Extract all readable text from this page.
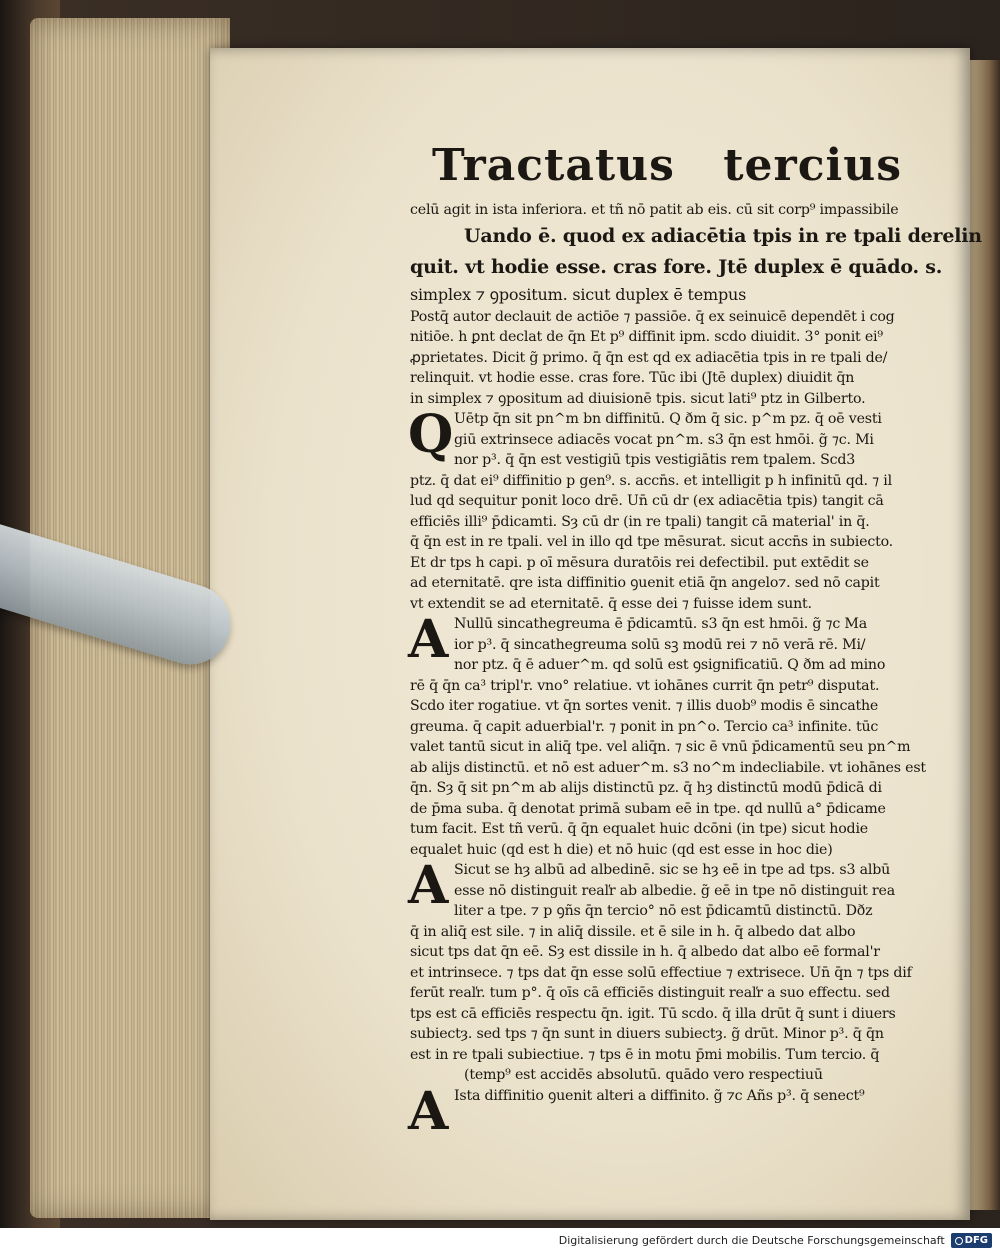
Tractatus tercius
celū agit in ista inferiora. et tñ nō patit ab eis. cū sit corp⁹ impassibile
Uando ē. quod ex adiacētia tpis in re tpali derelin
quit. vt hodie esse. cras fore. Jtē duplex ē quādo. s.
simplex ⁊ ꝯpositum. sicut duplex ē tempus
Postq̄ autor declauit de actiōe ⁊ passiōe. q̄ ex seinuicē dependēt i cog
nitiōe. h ꝑnt declat de q̄n Et p⁹ diffinit ipm. scdo diuidit. 3° ponit ei⁹
ꝓprietates. Dicit g̃ primo. q̄ q̄n est qd ex adiacētia tpis in re tpali de/
relinquit. vt hodie esse. cras fore. Tūc ibi (Jtē duplex) diuidit q̄n
in simplex ⁊ ꝯpositum ad diuisionē tpis. sicut lati⁹ ptz in Gilberto.
Q Uētp q̄n sit pn^m bn diffinitū. Q ðm q̄ sic. p^m pz. q̄ oē vesti
giū extrinsece adiacēs vocat pn^m. s3 q̄n est hmōi. g̃ ⁊c. Mi
nor p³. q̄ q̄n est vestigiū tpis vestigiātis rem tpalem. Scd3
ptz. q̄ dat ei⁹ diffinitio p gen⁹. s. accn̄s. et intelligit p h infinitū qd. ⁊ il
lud qd sequitur ponit loco drē. Un̄ cū dr (ex adiacētia tpis) tangit cā
efficiēs illi⁹ p̄dicamti. Sȝ cū dr (in re tpali) tangit cā material' in q̄.
q̄ q̄n est in re tpali. vel in illo qd tpe mēsurat. sicut accn̄s in subiecto.
Et dr tps h capi. p oī mēsura duratōis rei defectibil. put extēdit se
ad eternitatē. qre ista diffinitio ꝯuenit etiā q̄n angelo⁊. sed nō capit
vt extendit se ad eternitatē. q̄ esse dei ⁊ fuisse idem sunt.
A Nullū sincathegreuma ē p̄dicamtū. s3 q̄n est hmōi. g̃ ⁊c Ma
ior p³. q̄ sincathegreuma solū sꝫ modū rei ⁊ nō verā rē. Mi/
nor ptz. q̄ ē aduer^m. qd solū est ꝯsignificatiū. Q ðm ad mino
rē q̄ q̄n ca³ tripl'r. vno° relatiue. vt iohānes currit q̄n petr⁹ disputat.
Scdo iter rogatiue. vt q̄n sortes venit. ⁊ illis duob⁹ modis ē sincathe
greuma. q̄ capit aduerbial'r. ⁊ ponit in pn^o. Tercio ca³ infinite. tūc
valet tantū sicut in aliq̄ tpe. vel aliq̄n. ⁊ sic ē vnū p̄dicamentū seu pn^m
ab alijs distinctū. et nō est aduer^m. s3 no^m indecliabile. vt iohānes est
q̄n. Sȝ q̄ sit pn^m ab alijs distinctū pz. q̄ hȝ distinctū modū p̄dicā di
de p̄ma suba. q̄ denotat primā subam eē in tpe. qd nullū a° p̄dicame
tum facit. Est tñ verū. q̄ q̄n equalet huic dcōni (in tpe) sicut hodie
equalet huic (qd est h die) et nō huic (qd est esse in hoc die)
A Sicut se hȝ albū ad albedinē. sic se hȝ eē in tpe ad tps. s3 albū
esse nō distinguit reaľr ab albedie. g̃ eē in tpe nō distinguit rea
liter a tpe. ⁊ p ꝯñs q̄n tercio° nō est p̄dicamtū distinctū. Dðz
q̄ in aliq̄ est sile. ⁊ in aliq̄ dissile. et ē sile in h. q̄ albedo dat albo
sicut tps dat q̄n eē. Sȝ est dissile in h. q̄ albedo dat albo eē formal'r
et intrinsece. ⁊ tps dat q̄n esse solū effectiue ⁊ extrisece. Un̄ q̄n ⁊ tps dif
ferūt reaľr. tum p°. q̄ oīs cā efficiēs distinguit reaľr a suo effectu. sed
tps est cā efficiēs respectu q̄n. igit. Tū scdo. q̄ illa drūt q̄ sunt i diuers
subiectȝ. sed tps ⁊ q̄n sunt in diuers subiectȝ. g̃ drūt. Minor p³. q̄ q̄n
est in re tpali subiectiue. ⁊ tps ē in motu p̄mi mobilis. Tum tercio. q̄
(temp⁹ est accidēs absolutū. quādo vero respectiuū
A Ista diffinitio ꝯuenit alteri a diffinito. g̃ ⁊c Añs p³. q̄ senect⁹
Digitalisierung gefördert durch die Deutsche Forschungsgemeinschaft DFG
